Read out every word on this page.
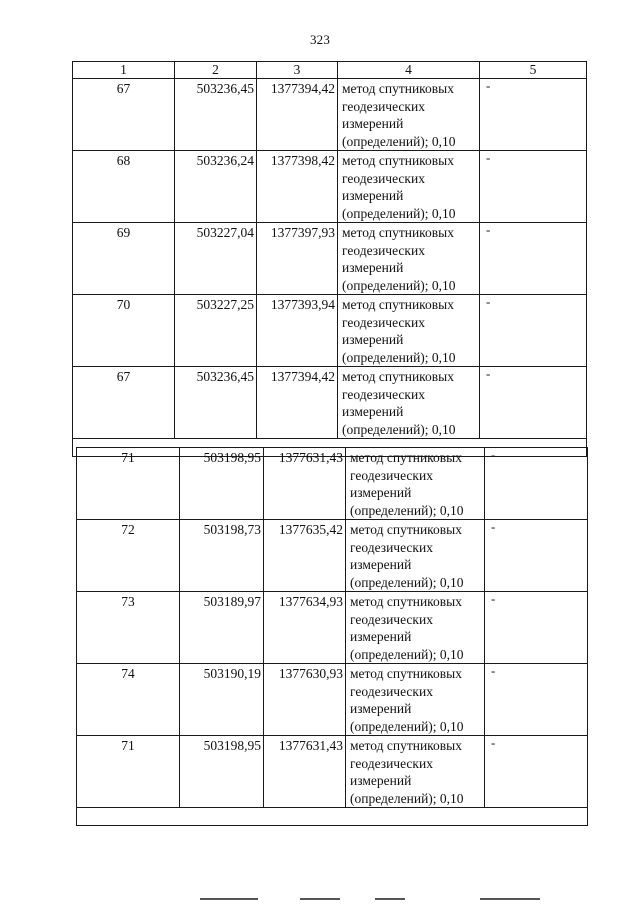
323
1	2	3	4	5
67	503236,45	1377394,42	метод спутниковых геодезических измерений (определений); 0,10	-
68	503236,24	1377398,42	метод спутниковых геодезических измерений (определений); 0,10	-
69	503227,04	1377397,93	метод спутниковых геодезических измерений (определений); 0,10	-
70	503227,25	1377393,94	метод спутниковых геодезических измерений (определений); 0,10	-
67	503236,45	1377394,42	метод спутниковых геодезических измерений (определений); 0,10	-

71	503198,95	1377631,43	метод спутниковых геодезических измерений (определений); 0,10	-
72	503198,73	1377635,42	метод спутниковых геодезических измерений (определений); 0,10	-
73	503189,97	1377634,93	метод спутниковых геодезических измерений (определений); 0,10	-
74	503190,19	1377630,93	метод спутниковых геодезических измерений (определений); 0,10	-
71	503198,95	1377631,43	метод спутниковых геодезических измерений (определений); 0,10	-
